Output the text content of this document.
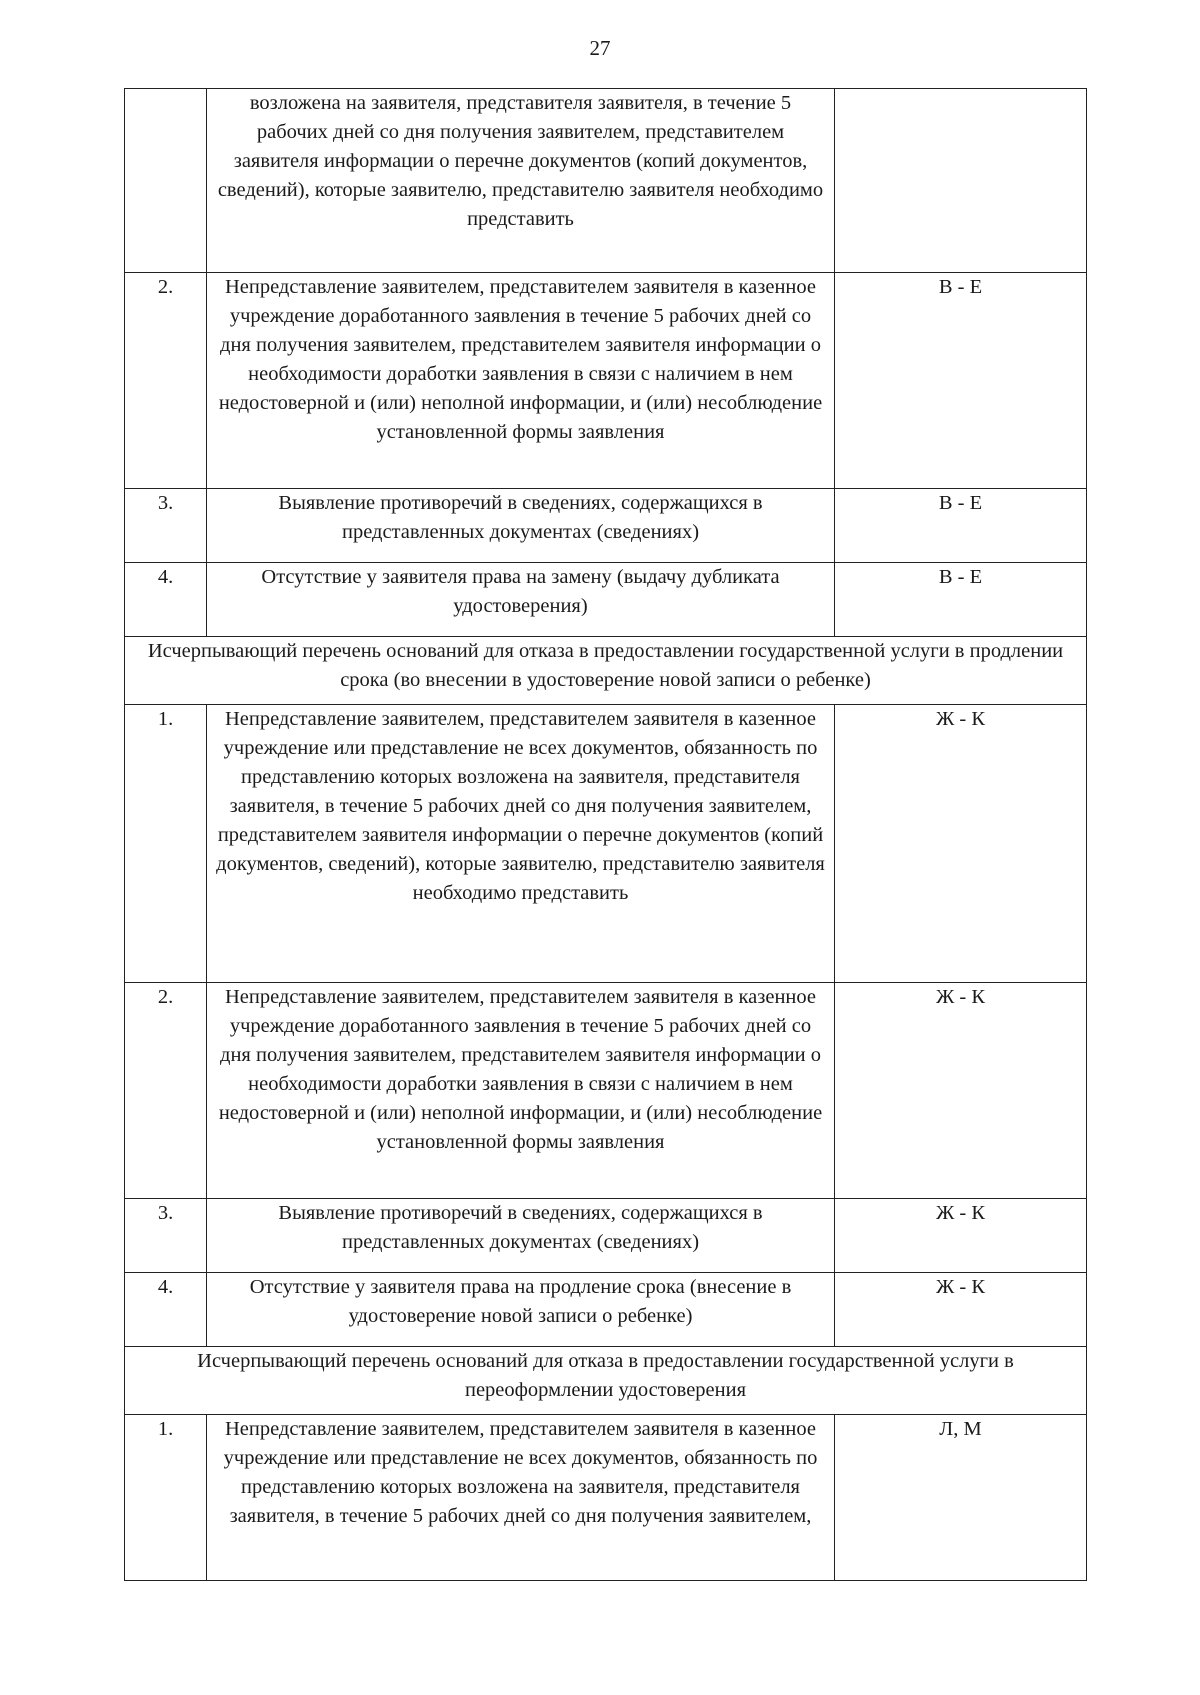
27
	возложена на заявителя, представителя заявителя, в течение 5 рабочих дней со дня получения заявителем, представителем заявителя информации о перечне документов (копий документов, сведений), которые заявителю, представителю заявителя необходимо представить	
2.	Непредставление заявителем, представителем заявителя в казенное учреждение доработанного заявления в течение 5 рабочих дней со дня получения заявителем, представителем заявителя информации о необходимости доработки заявления в связи с наличием в нем недостоверной и (или) неполной информации, и (или) несоблюдение установленной формы заявления	В - Е
3.	Выявление противоречий в сведениях, содержащихся в представленных документах (сведениях)	В - Е
4.	Отсутствие у заявителя права на замену (выдачу дубликата удостоверения)	В - Е
Исчерпывающий перечень оснований для отказа в предоставлении государственной услуги в продлении срока (во внесении в удостоверение новой записи о ребенке)		
1.	Непредставление заявителем, представителем заявителя в казенное учреждение или представление не всех документов, обязанность по представлению которых возложена на заявителя, представителя заявителя, в течение 5 рабочих дней со дня получения заявителем, представителем заявителя информации о перечне документов (копий документов, сведений), которые заявителю, представителю заявителя необходимо представить	Ж - К
2.	Непредставление заявителем, представителем заявителя в казенное учреждение доработанного заявления в течение 5 рабочих дней со дня получения заявителем, представителем заявителя информации о необходимости доработки заявления в связи с наличием в нем недостоверной и (или) неполной информации, и (или) несоблюдение установленной формы заявления	Ж - К
3.	Выявление противоречий в сведениях, содержащихся в представленных документах (сведениях)	Ж - К
4.	Отсутствие у заявителя права на продление срока (внесение в удостоверение новой записи о ребенке)	Ж - К
Исчерпывающий перечень оснований для отказа в предоставлении государственной услуги в переоформлении удостоверения		
1.	Непредставление заявителем, представителем заявителя в казенное учреждение или представление не всех документов, обязанность по представлению которых возложена на заявителя, представителя заявителя, в течение 5 рабочих дней со дня получения заявителем,	Л, М
